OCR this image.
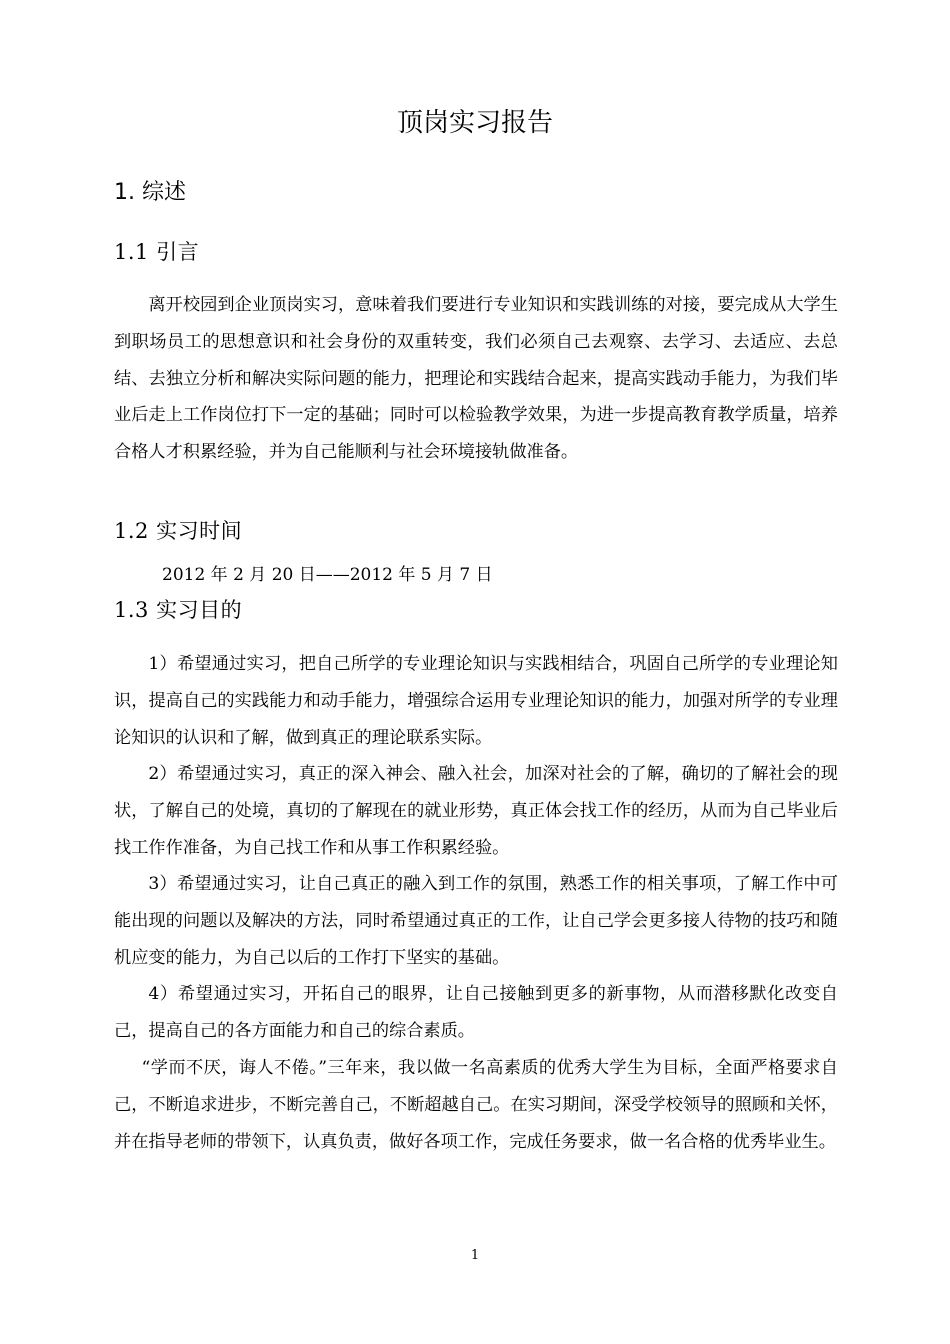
顶岗实习报告
1. 综述
1.1 引言

离开校园到企业顶岗实习，意味着我们要进行专业知识和实践训练的对接，要完成从大学生到职场员工的思想意识和社会身份的双重转变，我们必须自己去观察、去学习、去适应、去总结、去独立分析和解决实际问题的能力，把理论和实践结合起来，提高实践动手能力，为我们毕业后走上工作岗位打下一定的基础；同时可以检验教学效果，为进一步提高教育教学质量，培养合格人才积累经验，并为自己能顺利与社会环境接轨做准备。

1.2 实习时间
2012 年 2 月 20 日——2012 年 5 月 7 日
1.3 实习目的

1）希望通过实习，把自己所学的专业理论知识与实践相结合，巩固自己所学的专业理论知识，提高自己的实践能力和动手能力，增强综合运用专业理论知识的能力，加强对所学的专业理论知识的认识和了解，做到真正的理论联系实际。

2）希望通过实习，真正的深入神会、融入社会，加深对社会的了解，确切的了解社会的现状，了解自己的处境，真切的了解现在的就业形势，真正体会找工作的经历，从而为自己毕业后找工作作准备，为自己找工作和从事工作积累经验。

3）希望通过实习，让自己真正的融入到工作的氛围，熟悉工作的相关事项，了解工作中可能出现的问题以及解决的方法，同时希望通过真正的工作，让自己学会更多接人待物的技巧和随机应变的能力，为自己以后的工作打下坚实的基础。

4）希望通过实习，开拓自己的眼界，让自己接触到更多的新事物，从而潜移默化改变自己，提高自己的各方面能力和自己的综合素质。

“学而不厌，诲人不倦。”三年来，我以做一名高素质的优秀大学生为目标，全面严格要求自己，不断追求进步，不断完善自己，不断超越自己。在实习期间，深受学校领导的照顾和关怀，并在指导老师的带领下，认真负责，做好各项工作，完成任务要求，做一名合格的优秀毕业生。

1
